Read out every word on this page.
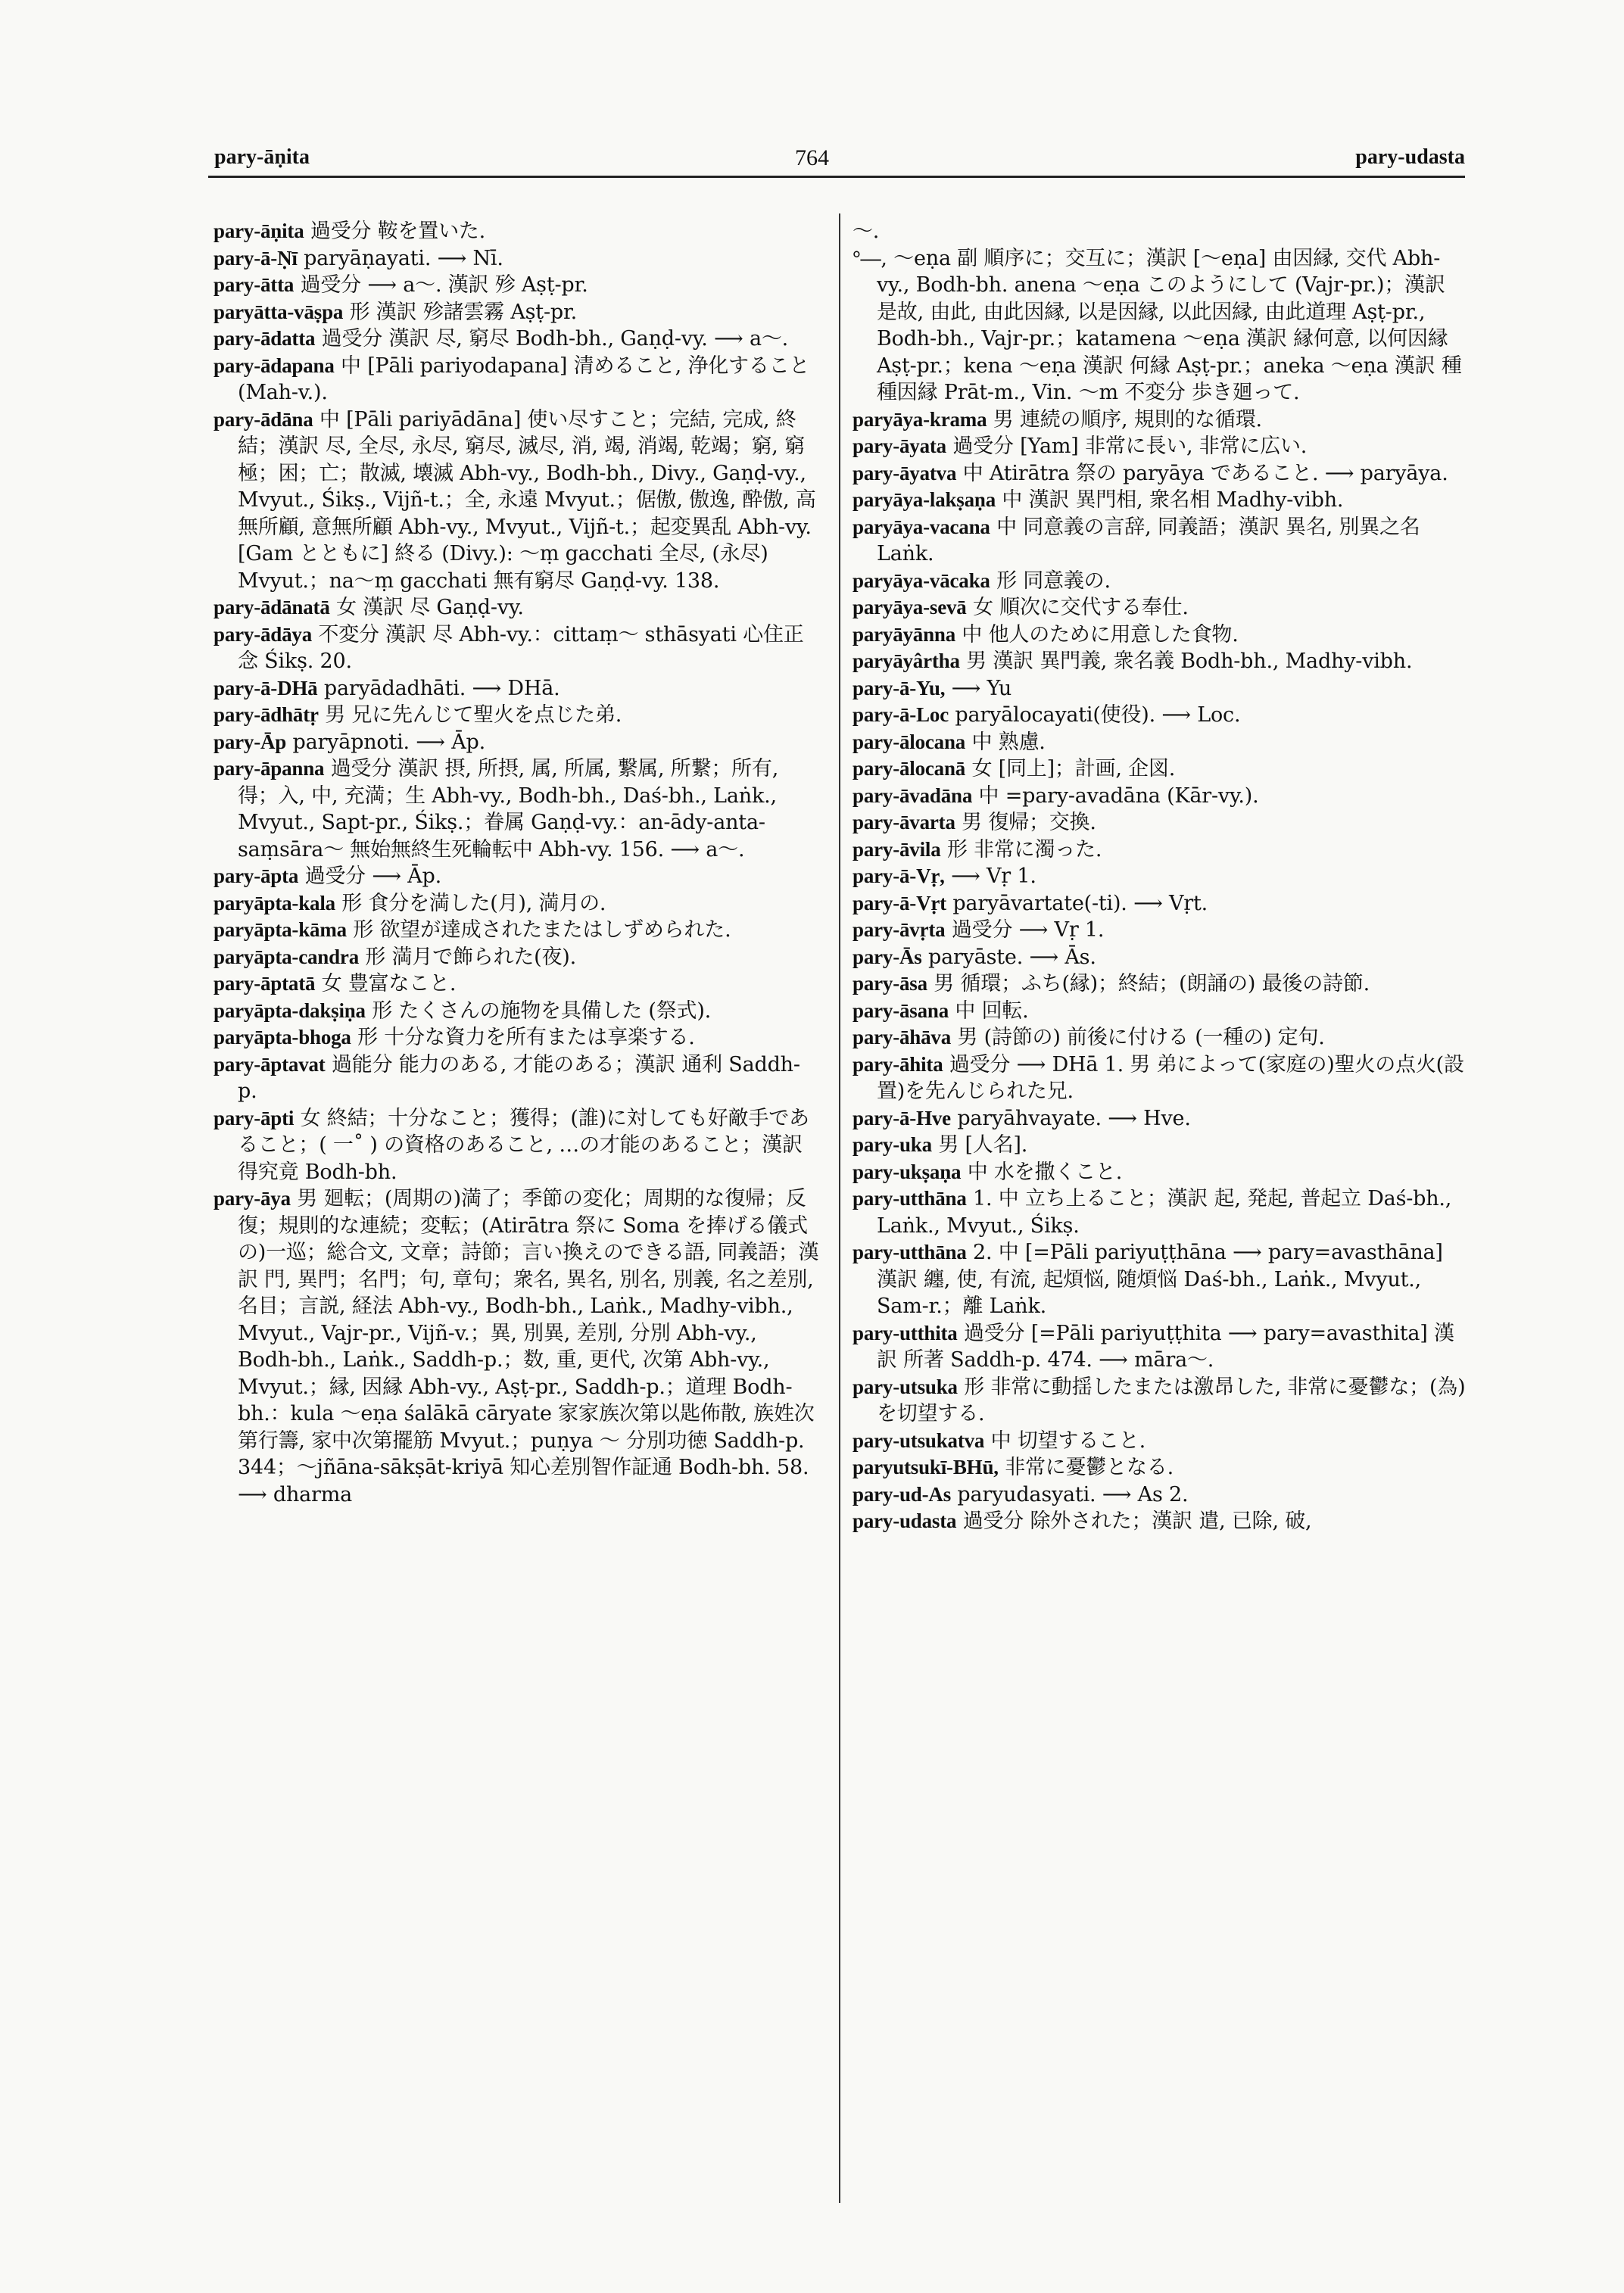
pary-āṇita	764	pary-udasta

pary-āṇita 過受分 鞍を置いた.

pary-ā-Ṇī paryāṇayati. ⟶ Nī.

pary-ātta 過受分 ⟶ a～. 漢訳 殄 Aṣṭ-pr.

paryātta-vāṣpa 形 漢訳 殄諸雲霧 Aṣṭ-pr.

pary-ādatta 過受分 漢訳 尽, 窮尽 Bodh-bh., Gaṇḍ-vy. ⟶ a～.

pary-ādapana 中 [Pāli pariyodapana] 清めること, 浄化すること (Mah-v.).

pary-ādāna 中 [Pāli pariyādāna] 使い尽すこと；完結, 完成, 終結；漢訳 尽, 全尽, 永尽, 窮尽, 滅尽, 消, 竭, 消竭, 乾竭；窮, 窮極；困；亡；散滅, 壊滅 Abh-vy., Bodh-bh., Divy., Gaṇḍ-vy., Mvyut., Śikṣ., Vijñ-t.；全, 永遠 Mvyut.；倨傲, 傲逸, 酔傲, 高無所顧, 意無所顧 Abh-vy., Mvyut., Vijñ-t.；起変異乱 Abh-vy. [Gam とともに] 終る (Divy.): ～ṃ gacchati 全尽, (永尽) Mvyut.；na～ṃ gacchati 無有窮尽 Gaṇḍ-vy. 138.

pary-ādānatā 女 漢訳 尽 Gaṇḍ-vy.

pary-ādāya 不変分 漢訳 尽 Abh-vy.：cittaṃ～ sthāsyati 心住正念 Śikṣ. 20.

pary-ā-DHā paryādadhāti. ⟶ DHā.

pary-ādhātṛ 男 兄に先んじて聖火を点じた弟.

pary-Āp paryāpnoti. ⟶ Āp.

pary-āpanna 過受分 漢訳 摂, 所摂, 属, 所属, 繋属, 所繋；所有, 得；入, 中, 充満；生 Abh-vy., Bodh-bh., Daś-bh., Laṅk., Mvyut., Sapt-pr., Śikṣ.；眷属 Gaṇḍ-vy.：an-ādy-anta-saṃsāra～ 無始無終生死輪転中 Abh-vy. 156. ⟶ a～.

pary-āpta 過受分 ⟶ Āp.

paryāpta-kala 形 食分を満した(月), 満月の.

paryāpta-kāma 形 欲望が達成されたまたはしずめられた.

paryāpta-candra 形 満月で飾られた(夜).

pary-āptatā 女 豊富なこと.

paryāpta-dakṣiṇa 形 たくさんの施物を具備した (祭式).

paryāpta-bhoga 形 十分な資力を所有または享楽する.

pary-āptavat 過能分 能力のある, 才能のある；漢訳 通利 Saddh-p.

pary-āpti 女 終結；十分なこと；獲得；(誰)に対しても好敵手であること；( 一˚ ) の資格のあること, …の才能のあること；漢訳 得究竟 Bodh-bh.

pary-āya 男 廻転；(周期の)満了；季節の変化；周期的な復帰；反復；規則的な連続；変転；(Atirātra 祭に Soma を捧げる儀式の)一巡；総合文, 文章；詩節；言い換えのできる語, 同義語；漢訳 門, 異門；名門；句, 章句；衆名, 異名, 別名, 別義, 名之差別, 名目；言説, 経法 Abh-vy., Bodh-bh., Laṅk., Madhy-vibh., Mvyut., Vajr-pr., Vijñ-v.；異, 別異, 差別, 分別 Abh-vy., Bodh-bh., Laṅk., Saddh-p.；数, 重, 更代, 次第 Abh-vy., Mvyut.；縁, 因縁 Abh-vy., Aṣṭ-pr., Saddh-p.；道理 Bodh-bh.：kula ～eṇa śalākā cāryate 家家族次第以匙佈散, 族姓次第行籌, 家中次第擺筋 Mvyut.；puṇya ～ 分別功徳 Saddh-p. 344；～jñāna-sākṣāt-kriyā 知心差別智作証通 Bodh-bh. 58. ⟶ dharma

～.

°—, ～eṇa 副 順序に；交互に；漢訳 [～eṇa] 由因縁, 交代 Abh-vy., Bodh-bh. anena ～eṇa このようにして (Vajr-pr.)；漢訳 是故, 由此, 由此因縁, 以是因縁, 以此因縁, 由此道理 Aṣṭ-pr., Bodh-bh., Vajr-pr.；katamena ～eṇa 漢訳 縁何意, 以何因縁 Aṣṭ-pr.；kena ～eṇa 漢訳 何縁 Aṣṭ-pr.；aneka ～eṇa 漢訳 種種因縁 Prāt-m., Vin. ～m 不変分 歩き廻って.

paryāya-krama 男 連続の順序, 規則的な循環.

pary-āyata 過受分 [Yam] 非常に長い, 非常に広い.

pary-āyatva 中 Atirātra 祭の paryāya であること. ⟶ paryāya.

paryāya-lakṣaṇa 中 漢訳 異門相, 衆名相 Madhy-vibh.

paryāya-vacana 中 同意義の言辞, 同義語；漢訳 異名, 別異之名 Laṅk.

paryāya-vācaka 形 同意義の.

paryāya-sevā 女 順次に交代する奉仕.

paryāyānna 中 他人のために用意した食物.

paryāyârtha 男 漢訳 異門義, 衆名義 Bodh-bh., Madhy-vibh.

pary-ā-Yu, ⟶ Yu

pary-ā-Loc paryālocayati(使役). ⟶ Loc.

pary-ālocana 中 熟慮.

pary-ālocanā 女 [同上]；計画, 企図.

pary-āvadāna 中 =pary-avadāna (Kār-vy.).

pary-āvarta 男 復帰；交換.

pary-āvila 形 非常に濁った.

pary-ā-Vṛ, ⟶ Vṛ 1.

pary-ā-Vṛt paryāvartate(-ti). ⟶ Vṛt.

pary-āvṛta 過受分 ⟶ Vṛ 1.

pary-Ās paryāste. ⟶ Ās.

pary-āsa 男 循環；ふち(縁)；終結；(朗誦の) 最後の詩節.

pary-āsana 中 回転.

pary-āhāva 男 (詩節の) 前後に付ける (一種の) 定句.

pary-āhita 過受分 ⟶ DHā 1. 男 弟によって(家庭の)聖火の点火(設置)を先んじられた兄.

pary-ā-Hve paryāhvayate. ⟶ Hve.

pary-uka 男 [人名].

pary-ukṣaṇa 中 水を撒くこと.

pary-utthāna 1. 中 立ち上ること；漢訳 起, 発起, 普起立 Daś-bh., Laṅk., Mvyut., Śikṣ.

pary-utthāna 2. 中 [=Pāli pariyuṭṭhāna ⟶ pary=avasthāna] 漢訳 纏, 使, 有流, 起煩悩, 随煩悩 Daś-bh., Laṅk., Mvyut., Sam-r.；離 Laṅk.

pary-utthita 過受分 [=Pāli pariyuṭṭhita ⟶ pary=avasthita] 漢訳 所著 Saddh-p. 474. ⟶ māra～.

pary-utsuka 形 非常に動揺したまたは激昂した, 非常に憂鬱な；(為) を切望する.

pary-utsukatva 中 切望すること.

paryutsukī-BHū, 非常に憂鬱となる.

pary-ud-As paryudasyati. ⟶ As 2.

pary-udasta 過受分 除外された；漢訳 遣, 已除, 破,
